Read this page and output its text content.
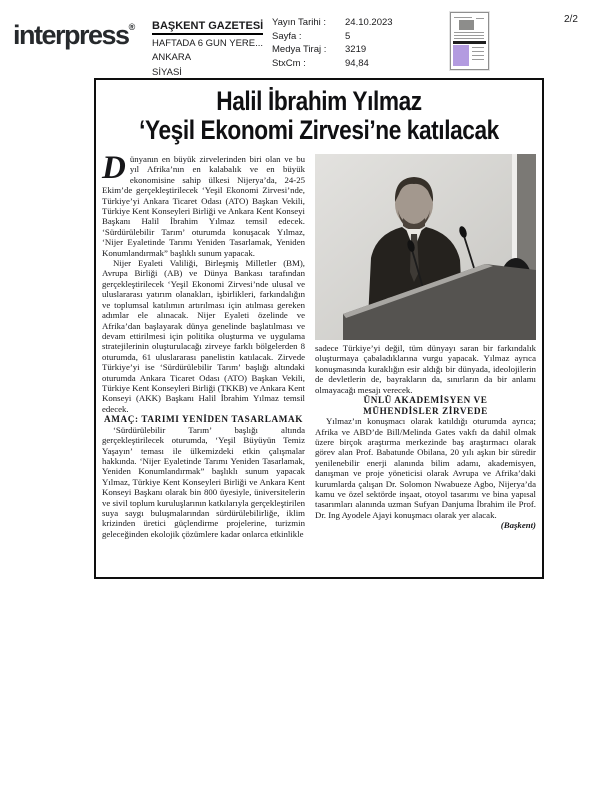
interpress® BAŞKENT GAZETESİ
HAFTADA 6 GUN YERE...
ANKARA
SİYASİ
Yayın Tarihi :	24.10.2023
Sayfa :	5
Medya Tiraj :	3219
StxCm :	94,84
2/2
Halil İbrahim Yılmaz
‘Yeşil Ekonomi Zirvesi’ne katılacak

Dünyanın en büyük zirvelerinden biri olan ve bu yıl Afrika’nın en kalabalık ve en büyük ekonomisine sahip ülkesi Nijerya’da, 24-25 Ekim’de gerçekleştirilecek ‘Yeşil Ekonomi Zirvesi’nde, Türkiye’yi Ankara Ticaret Odası (ATO) Başkan Vekili, Türkiye Kent Konseyleri Birliği ve Ankara Kent Konseyi Başkanı Halil İbrahim Yılmaz temsil edecek. ‘Sürdürülebilir Tarım’ oturumda konuşacak Yılmaz, ‘Nijer Eyaletinde Tarımı Yeniden Tasarlamak, Yeniden Konumlandırmak” başlıklı sunum yapacak.

Nijer Eyaleti Valiliği, Birleşmiş Milletler (BM), Avrupa Birliği (AB) ve Dünya Bankası tarafından gerçekleştirilecek ‘Yeşil Ekonomi Zirvesi’nde ulusal ve uluslararası yatırım olanakları, işbirlikleri, farkındalığın ve toplumsal katılımın artırılması için atılması gereken adımlar ele alınacak. Nijer Eyaleti özelinde ve Afrika’dan başlayarak dünya genelinde başlatılması ve devam ettirilmesi için politika oluşturma ve uygulama stratejilerinin oluşturulacağı zirveye farklı bölgelerden 8 oturumda, 61 uluslararası panelistin katılacak. Zirvede Türkiye’yi ise ‘Sürdürülebilir Tarım’ başlığı altındaki oturumda Ankara Ticaret Odası (ATO) Başkan Vekili, Türkiye Kent Konseyleri Birliği (TKKB) ve Ankara Kent Konseyi (AKK) Başkanı Halil İbrahim Yılmaz temsil edecek.

AMAÇ: TARIMI YENİDEN TASARLAMAK

‘Sürdürülebilir Tarım’ başlığı altında gerçekleştirilecek oturumda, ‘Yeşil Büyüyün Temiz Yaşayın’ teması ile ülkemizdeki etkin çalışmalar hakkında. ‘Nijer Eyaletinde Tarımı Yeniden Tasarlamak, Yeniden Konumlandırmak” başlıklı sunum yapacak Yılmaz, Türkiye Kent Konseyleri Birliği ve Ankara Kent Konseyi Başkanı olarak bin 800 üyesiyle, üniversitelerin ve sivil toplum kuruluşlarının katkılarıyla gerçekleştirilen suya saygı buluşmalarından sürdürülebilirliğe, iklim krizinden üretici güçlendirme projelerine, turizmin geleceğinden ekolojik çözümlere kadar onlarca etkinlikle

sadece Türkiye’yi değil, tüm dünyayı saran bir farkındalık oluşturmaya çabaladıklarına vurgu yapacak. Yılmaz ayrıca konuşmasında kuraklığın esir aldığı bir dünyada, ideolojilerin de devletlerin de, bayrakların da, sınırların da bir anlamı olmayacağı mesajı verecek.

ÜNLÜ AKADEMİSYEN VE
MÜHENDİSLER ZİRVEDE

Yılmaz’ın konuşmacı olarak katıldığı oturumda ayrıca; Afrika ve ABD’de Bill/Melinda Gates vakfı da dahil olmak üzere birçok araştırma merkezinde baş araştırmacı olarak görev alan Prof. Babatunde Obilana, 20 yılı aşkın bir süredir yenilenebilir enerji alanında bilim adamı, akademisyen, danışman ve proje yöneticisi olarak Avrupa ve Afrika’daki kurumlarda çalışan Dr. Solomon Nwabueze Agbo, Nijerya’da kamu ve özel sektörde inşaat, otoyol tasarımı ve bina yapısal tasarımları alanında uzman Sufyan Danjuma İbrahim ile Prof. Dr. Ing Ayodele Ajayi konuşmacı olarak yer alacak.
(Başkent)
